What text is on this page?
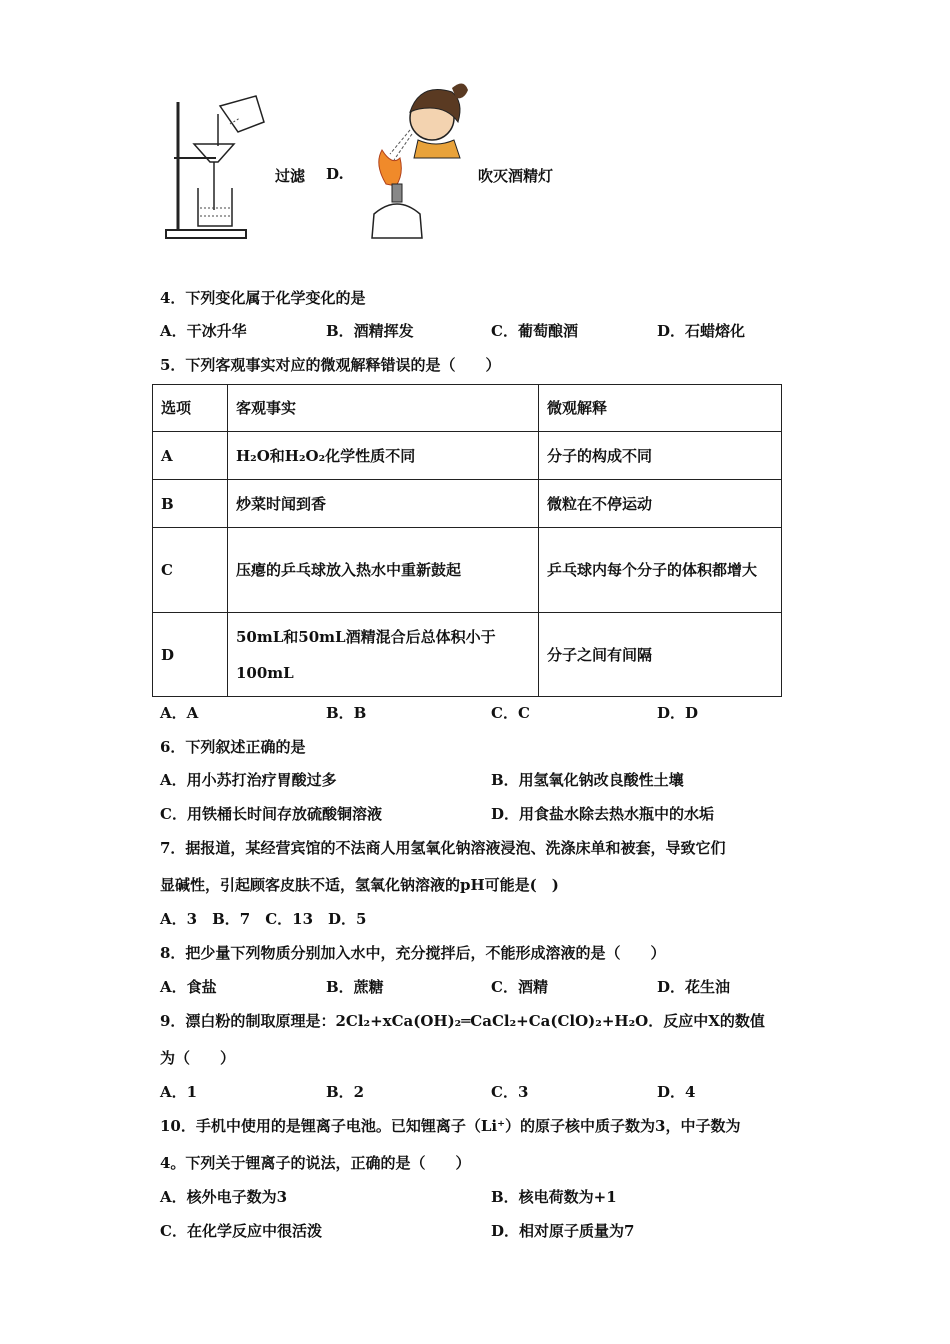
过滤 D.	吹灭酒精灯
4．下列变化属于化学变化的是
A．干冰升华	B．酒精挥发	C．葡萄酿酒	D．石蜡熔化
5．下列客观事实对应的微观解释错误的是（　　）
选项	客观事实	微观解释
A	H₂O和H₂O₂化学性质不同	分子的构成不同
B	炒菜时闻到香	微粒在不停运动
C	压瘪的乒乓球放入热水中重新鼓起	乒乓球内每个分子的体积都增大
D	50mL和50mL酒精混合后总体积小于100mL	分子之间有间隔
A．A	B．B	C．C	D．D
6．下列叙述正确的是
A．用小苏打治疗胃酸过多	B．用氢氧化钠改良酸性土壤
C．用铁桶长时间存放硫酸铜溶液	D．用食盐水除去热水瓶中的水垢
7．据报道，某经营宾馆的不法商人用氢氧化钠溶液浸泡、洗涤床单和被套，导致它们
显碱性，引起顾客皮肤不适，氢氧化钠溶液的pH可能是(　)
A．3　B．7　C．13　D．5
8．把少量下列物质分别加入水中，充分搅拌后，不能形成溶液的是（　　）
A．食盐	B．蔗糖	C．酒精	D．花生油
9．漂白粉的制取原理是：2Cl₂+xCa(OH)₂═CaCl₂+Ca(ClO)₂+H₂O．反应中X的数值
为（　　）
A．1	B．2	C．3	D．4
10．手机中使用的是锂离子电池。已知锂离子（Li⁺）的原子核中质子数为3，中子数为
4。下列关于锂离子的说法，正确的是（　　）
A．核外电子数为3	B．核电荷数为+1
C．在化学反应中很活泼	D．相对原子质量为7
